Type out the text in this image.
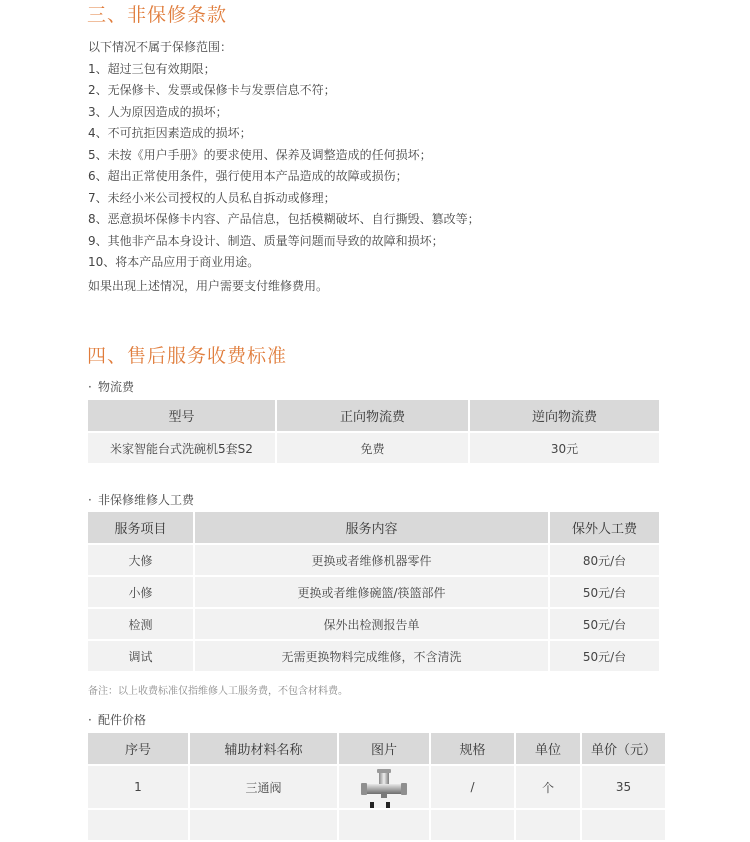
三、非保修条款

以下情况不属于保修范围：

1、超过三包有效期限；

2、无保修卡、发票或保修卡与发票信息不符；

3、人为原因造成的损坏；

4、不可抗拒因素造成的损坏；

5、未按《用户手册》的要求使用、保养及调整造成的任何损坏；

6、超出正常使用条件，强行使用本产品造成的故障或损伤；

7、未经小米公司授权的人员私自拆动或修理；

8、恶意损坏保修卡内容、产品信息，包括模糊破坏、自行撕毁、篡改等；

9、其他非产品本身设计、制造、质量等问题而导致的故障和损坏；

10、将本产品应用于商业用途。

如果出现上述情况，用户需要支付维修费用。

四、售后服务收费标准

· 物流费

型号	正向物流费	逆向物流费
米家智能台式洗碗机5套S2	免费	30元

· 非保修维修人工费

服务项目	服务内容	保外人工费
大修	更换或者维修机器零件	80元/台
小修	更换或者维修碗篮/筷篮部件	50元/台
检测	保外出检测报告单	50元/台
调试	无需更换物料完成维修，不含清洗	50元/台
备注：以上收费标准仅指维修人工服务费，不包含材料费。

· 配件价格

序号	辅助材料名称	图片	规格	单位	单价（元）
1	三通阀		/	个	35
